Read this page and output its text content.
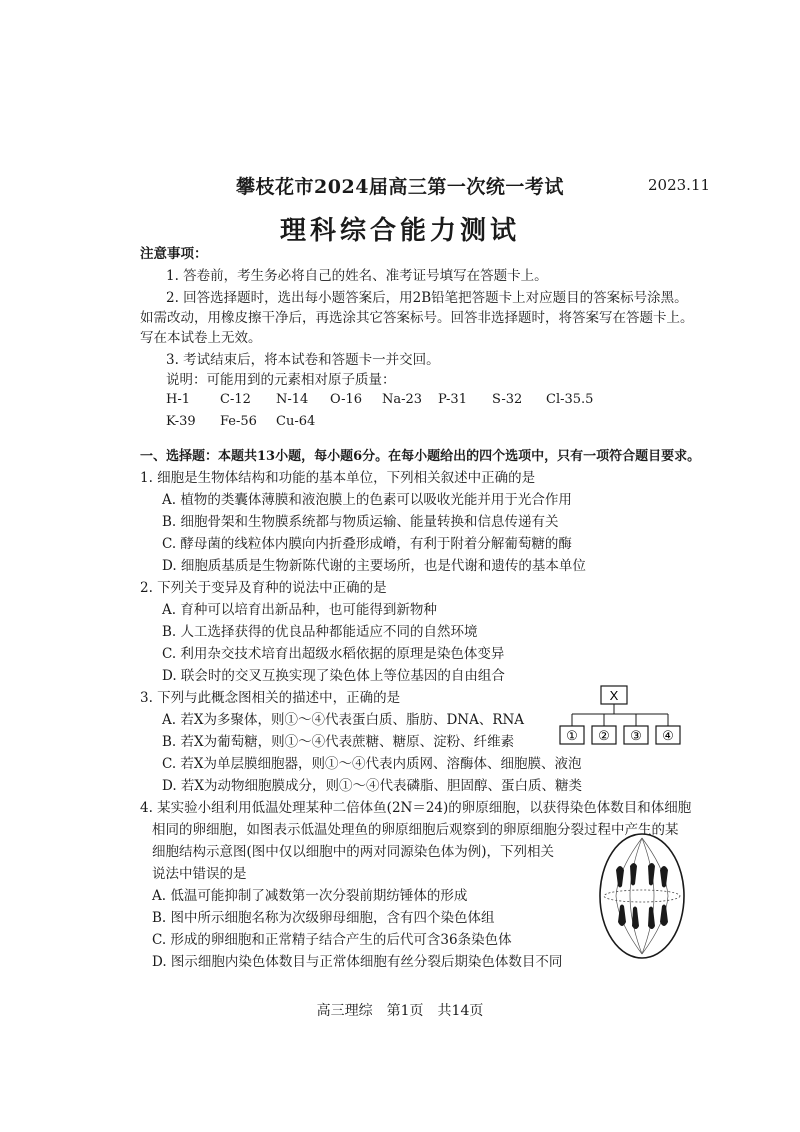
攀枝花市2024届高三第一次统一考试	2023.11
理科综合能力测试
注意事项：
1. 答卷前，考生务必将自己的姓名、准考证号填写在答题卡上。
2. 回答选择题时，选出每小题答案后，用2B铅笔把答题卡上对应题目的答案标号涂黑。
如需改动，用橡皮擦干净后，再选涂其它答案标号。回答非选择题时，将答案写在答题卡上。
写在本试卷上无效。
3. 考试结束后，将本试卷和答题卡一并交回。
说明：可能用到的元素相对原子质量：
H-1 C-12 N-14 O-16 Na-23 P-31 S-32 Cl-35.5
K-39 Fe-56 Cu-64
一、选择题：本题共13小题，每小题6分。在每小题给出的四个选项中，只有一项符合题目要求。
1. 细胞是生物体结构和功能的基本单位，下列相关叙述中正确的是
A. 植物的类囊体薄膜和液泡膜上的色素可以吸收光能并用于光合作用
B. 细胞骨架和生物膜系统都与物质运输、能量转换和信息传递有关
C. 酵母菌的线粒体内膜向内折叠形成嵴，有利于附着分解葡萄糖的酶
D. 细胞质基质是生物新陈代谢的主要场所，也是代谢和遗传的基本单位
2. 下列关于变异及育种的说法中正确的是
A. 育种可以培育出新品种，也可能得到新物种
B. 人工选择获得的优良品种都能适应不同的自然环境
C. 利用杂交技术培育出超级水稻依据的原理是染色体变异
D. 联会时的交叉互换实现了染色体上等位基因的自由组合
3. 下列与此概念图相关的描述中，正确的是
A. 若X为多聚体，则①～④代表蛋白质、脂肪、DNA、RNA
B. 若X为葡萄糖，则①～④代表蔗糖、糖原、淀粉、纤维素
C. 若X为单层膜细胞器，则①～④代表内质网、溶酶体、细胞膜、液泡
D. 若X为动物细胞膜成分，则①～④代表磷脂、胆固醇、蛋白质、糖类
X
① ② ③ ④
4. 某实验小组利用低温处理某种二倍体鱼(2N＝24)的卵原细胞，以获得染色体数目和体细胞
相同的卵细胞，如图表示低温处理鱼的卵原细胞后观察到的卵原细胞分裂过程中产生的某
细胞结构示意图(图中仅以细胞中的两对同源染色体为例)，下列相关
说法中错误的是
A. 低温可能抑制了减数第一次分裂前期纺锤体的形成
B. 图中所示细胞名称为次级卵母细胞，含有四个染色体组
C. 形成的卵细胞和正常精子结合产生的后代可含36条染色体
D. 图示细胞内染色体数目与正常体细胞有丝分裂后期染色体数目不同
高三理综　第1页　共14页
